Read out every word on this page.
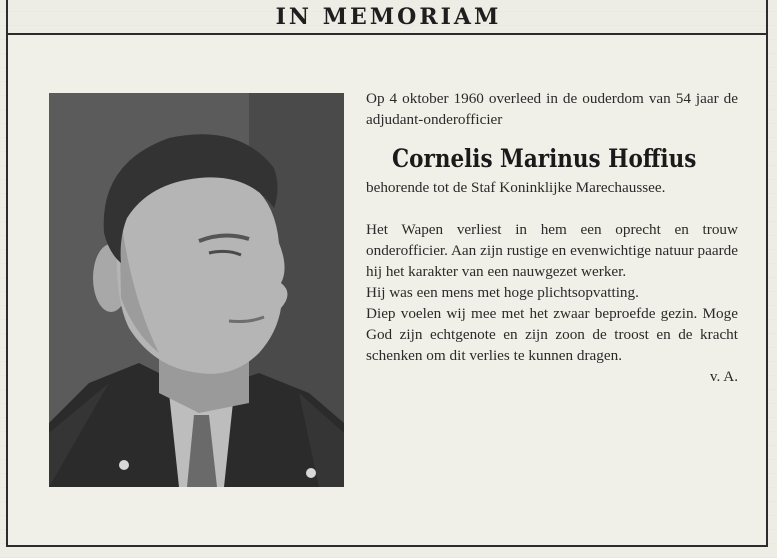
IN MEMORIAM

Op 4 oktober 1960 overleed in de ouderdom van 54 jaar de adjudant-onderofficier

Cornelis Marinus Hoffius

behorende tot de Staf Koninklijke Marechaussee.

Het Wapen verliest in hem een oprecht en trouw onderofficier. Aan zijn rustige en evenwichtige natuur paarde hij het karakter van een nauwgezet werker.

Hij was een mens met hoge plichtsopvatting.

Diep voelen wij mee met het zwaar beproefde gezin. Moge God zijn echtgenote en zijn zoon de troost en de kracht schenken om dit verlies te kunnen dragen.

v. A.
